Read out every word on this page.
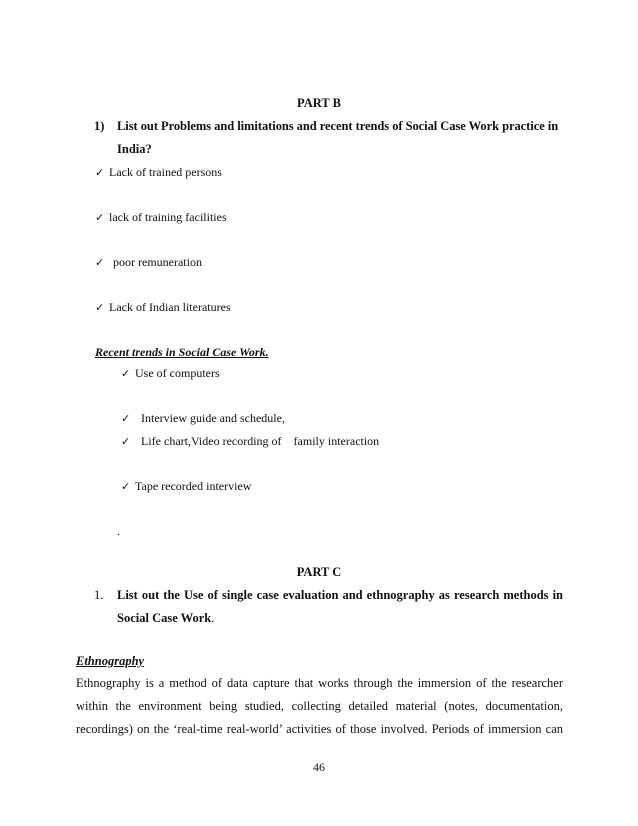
PART B
1) List out Problems and limitations and recent trends of Social Case Work practice in
India?
✓ Lack of trained persons
✓ lack of training facilities
✓ poor remuneration
✓ Lack of Indian literatures
Recent trends in Social Case Work.
✓ Use of computers
✓ Interview guide and schedule,
✓ Life chart,Video recording of    family interaction
✓ Tape recorded interview
.
PART C
1. List out the Use of single case evaluation and ethnography as research methods in
Social Case Work.
Ethnography
Ethnography is a method of data capture that works through the immersion of the researcher
within the environment being studied, collecting detailed material (notes, documentation,
recordings) on the ‘real-time real-world’ activities of those involved. Periods of immersion can
46
